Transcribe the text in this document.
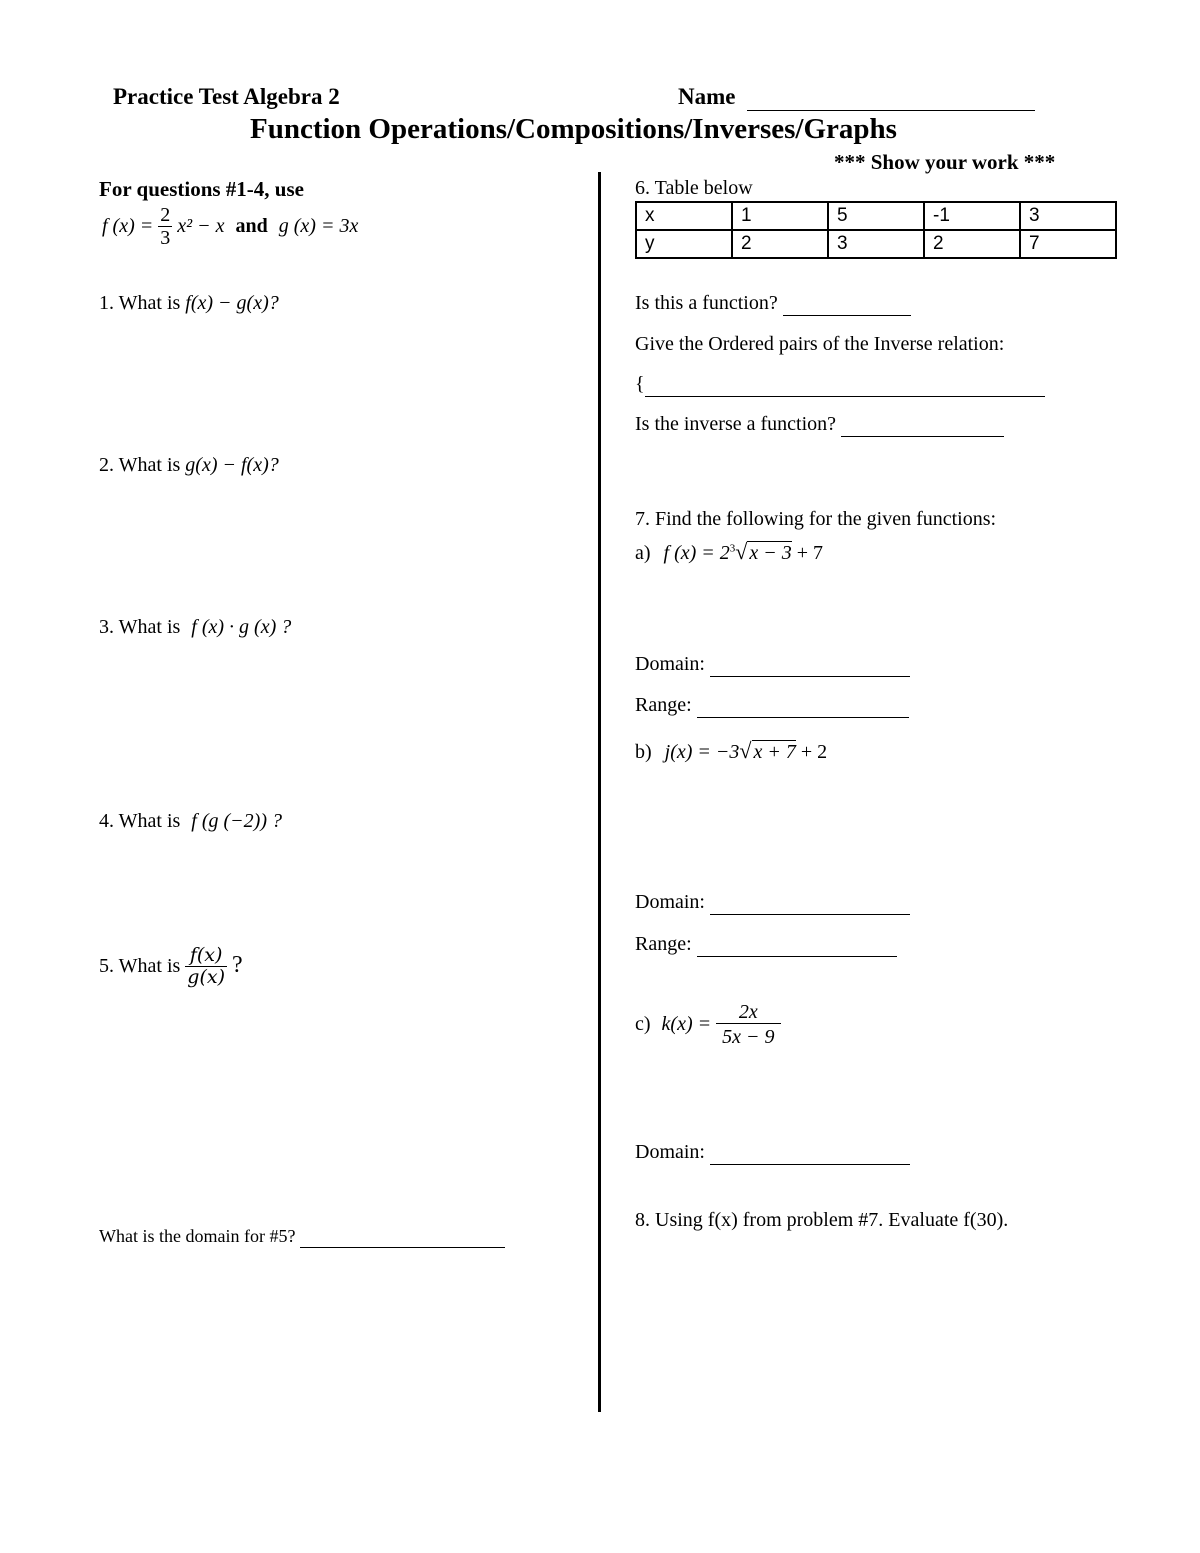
Practice Test Algebra 2	Name
Function Operations/Compositions/Inverses/Graphs
*** Show your work ***
For questions #1-4, use
f $(x) = \frac{2}{3} x^2 - x$ and g (x) = 3x
1. What is f(x) − g(x)?
2. What is g(x) − f(x)?
3. What is f (x) · g (x) ?
4. What is f (g (−2)) ?
5. What is $\frac{f(x)}{g(x)}$ ?
What is the domain for #5?
6. Table below
x	1	5	-1	3
y	2	3	2	7
Is this a function?
Give the Ordered pairs of the Inverse relation:
{
Is the inverse a function?
7. Find the following for the given functions:
a) f $(x) = 2^3√$ x − 3 + 7
Domain:
Range:
b) j(x) = −3√ x + 7 + 2
Domain:
Range:
c) $k(x) = \frac{2x}{5x - 9}$
Domain:
8. Using f(x) from problem #7. Evaluate f(30).
